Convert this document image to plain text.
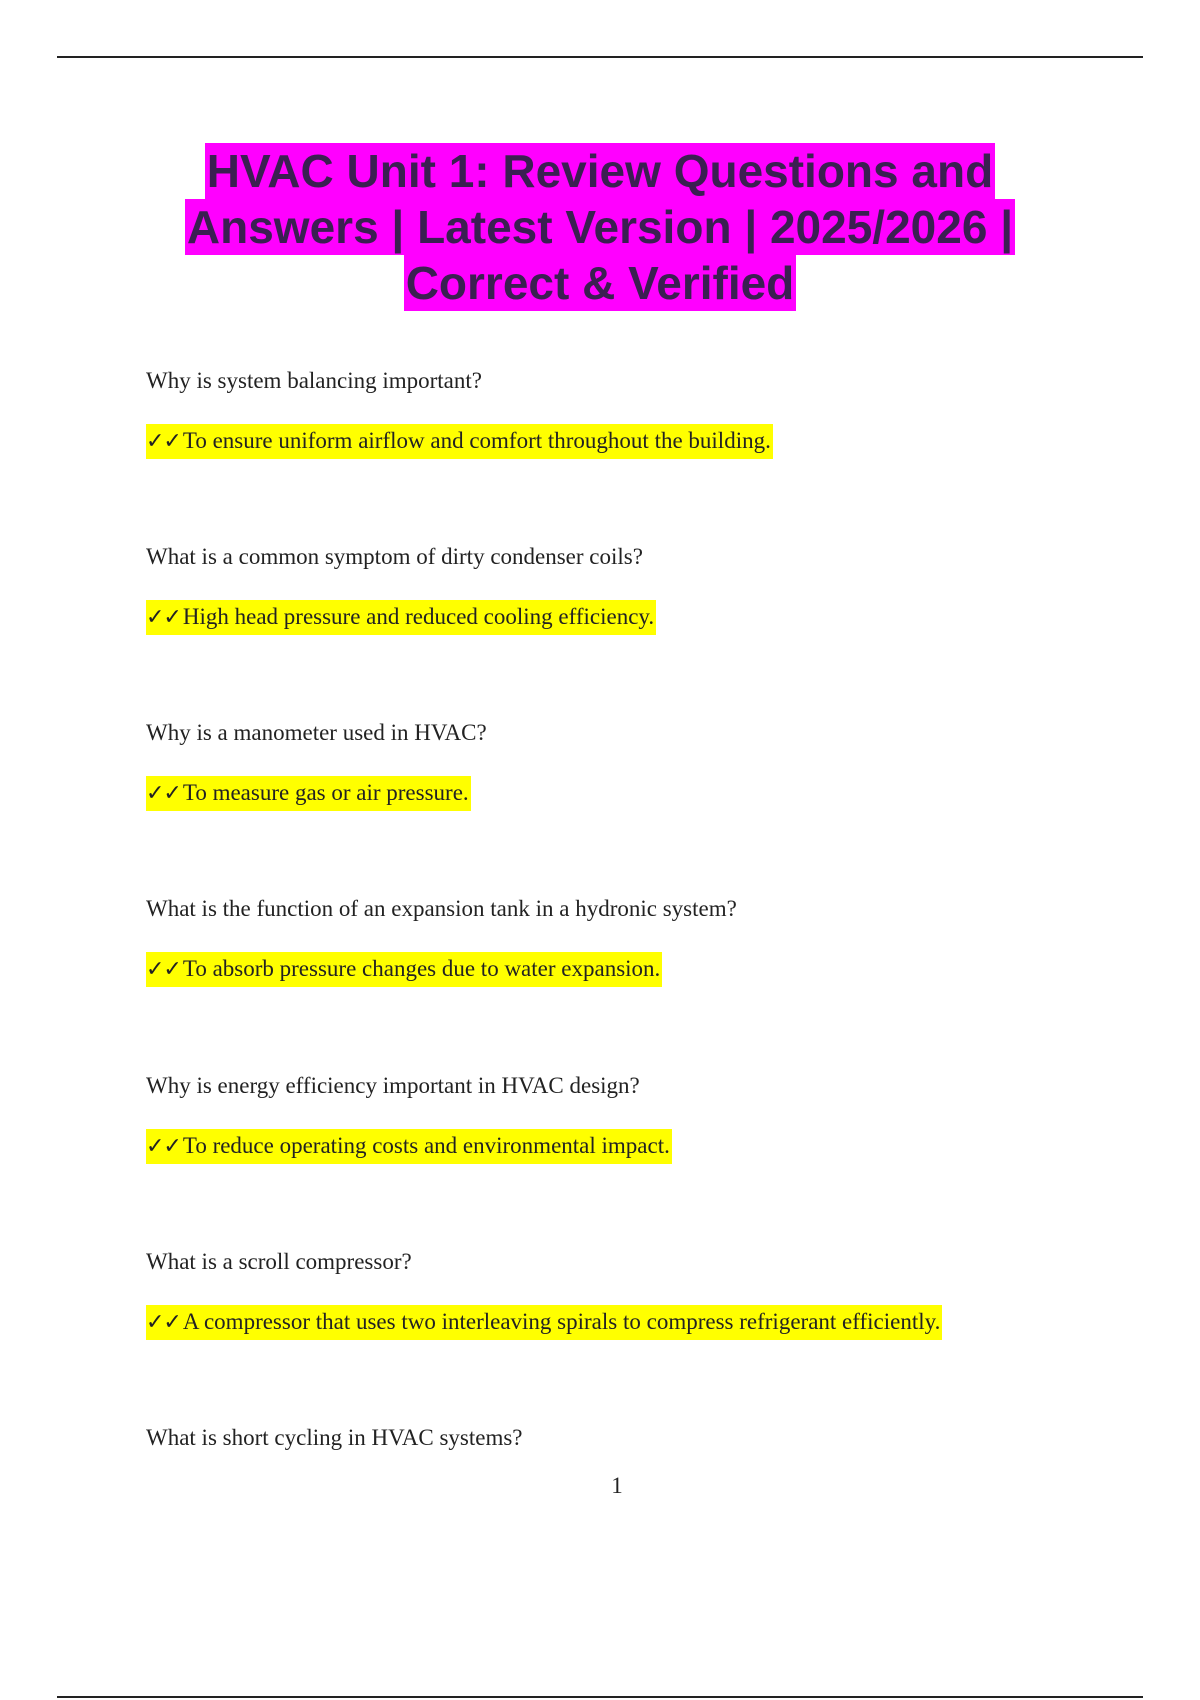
HVAC Unit 1: Review Questions and
Answers | Latest Version | 2025/2026 |
Correct & Verified
Why is system balancing important?
✓✓To ensure uniform airflow and comfort throughout the building.
What is a common symptom of dirty condenser coils?
✓✓High head pressure and reduced cooling efficiency.
Why is a manometer used in HVAC?
✓✓To measure gas or air pressure.
What is the function of an expansion tank in a hydronic system?
✓✓To absorb pressure changes due to water expansion.
Why is energy efficiency important in HVAC design?
✓✓To reduce operating costs and environmental impact.
What is a scroll compressor?
✓✓A compressor that uses two interleaving spirals to compress refrigerant efficiently.
What is short cycling in HVAC systems?
1
